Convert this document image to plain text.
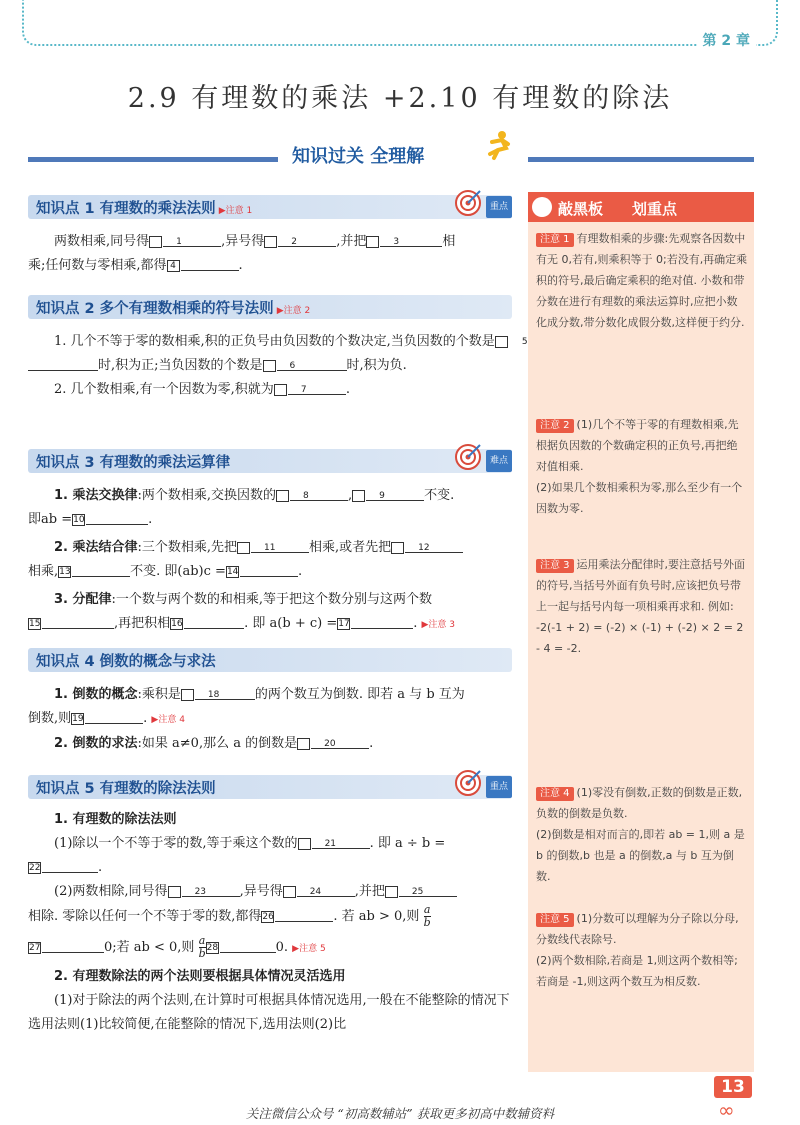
第 2 章
2.9 有理数的乘法 +2.10 有理数的除法
知识过关 全理解
知识点 1 有理数的乘法法则 ▶注意 1	重点

两数相乘,同号得	1	,异号得	2	,并把	3	相

乘;任何数与零相乘,都得 4	.

知识点 2 多个有理数相乘的符号法则 ▶注意 2

1. 几个不等于零的数相乘,积的正负号由负因数的个数决定,当负因数的个数是	5时,积为正;当负因数的个数是	6	时,积为负.

2. 几个数相乘,有一个因数为零,积就为	7	.

知识点 3 有理数的乘法运算律	难点

1. 乘法交换律:两个数相乘,交换因数的	8	,	9	不变.

即ab =10	.

2. 乘法结合律:三个数相乘,先把	11	相乘,或者先把	12

相乘,13	不变. 即(ab)c =14	.

3. 分配律:一个数与两个数的和相乘,等于把这个数分别与这两个数

15	,再把积相16	. 即 a(b + c) =17	. ▶注意 3

知识点 4 倒数的概念与求法

1. 倒数的概念:乘积是	18	的两个数互为倒数. 即若 a 与 b 互为

倒数,则19	. ▶注意 4

2. 倒数的求法:如果 a≠0,那么 a 的倒数是	20	.

知识点 5 有理数的除法法则	重点

1. 有理数的除法法则

(1)除以一个不等于零的数,等于乘这个数的	21	. 即 a ÷ b =

22	.

(2)两数相除,同号得	23	,异号得	24	,并把	25

相除. 零除以任何一个不等于零的数,都得26	. 若 ab > 0,则 $\frac{a}{b}$

27	0;若 ab < 0,则 $\frac{a}{b} 28$	0. ▶注意 5

2. 有理数除法的两个法则要根据具体情况灵活选用

(1)对于除法的两个法则,在计算时可根据具体情况选用,一般在不能整除的情况下选用法则(1)比较简便,在能整除的情况下,选用法则(2)比

敲黑板 划重点
注意 1 有理数相乘的步骤:先观察各因数中有无 0,若有,则乘积等于 0;若没有,再确定乘积的符号,最后确定乘积的绝对值. 小数和带分数在进行有理数的乘法运算时,应把小数化成分数,带分数化成假分数,这样便于约分.
注意 2 (1)几个不等于零的有理数相乘,先根据负因数的个数确定积的正负号,再把绝对值相乘.
(2)如果几个数相乘积为零,那么至少有一个因数为零.
注意 3 运用乘法分配律时,要注意括号外面的符号,当括号外面有负号时,应该把负号带上一起与括号内每一项相乘再求和. 例如: -2(-1 + 2) = (-2) × (-1) + (-2) × 2 = 2 - 4 = -2.
注意 4 (1)零没有倒数,正数的倒数是正数,负数的倒数是负数.
(2)倒数是相对而言的,即若 ab = 1,则 a 是 b 的倒数,b 也是 a 的倒数,a 与 b 互为倒数.
注意 5 (1)分数可以理解为分子除以分母,分数线代表除号.
(2)两个数相除,若商是 1,则这两个数相等;若商是 -1,则这两个数互为相反数.
13
∞
关注微信公众号 “初高数辅站” 获取更多初高中数辅资料
